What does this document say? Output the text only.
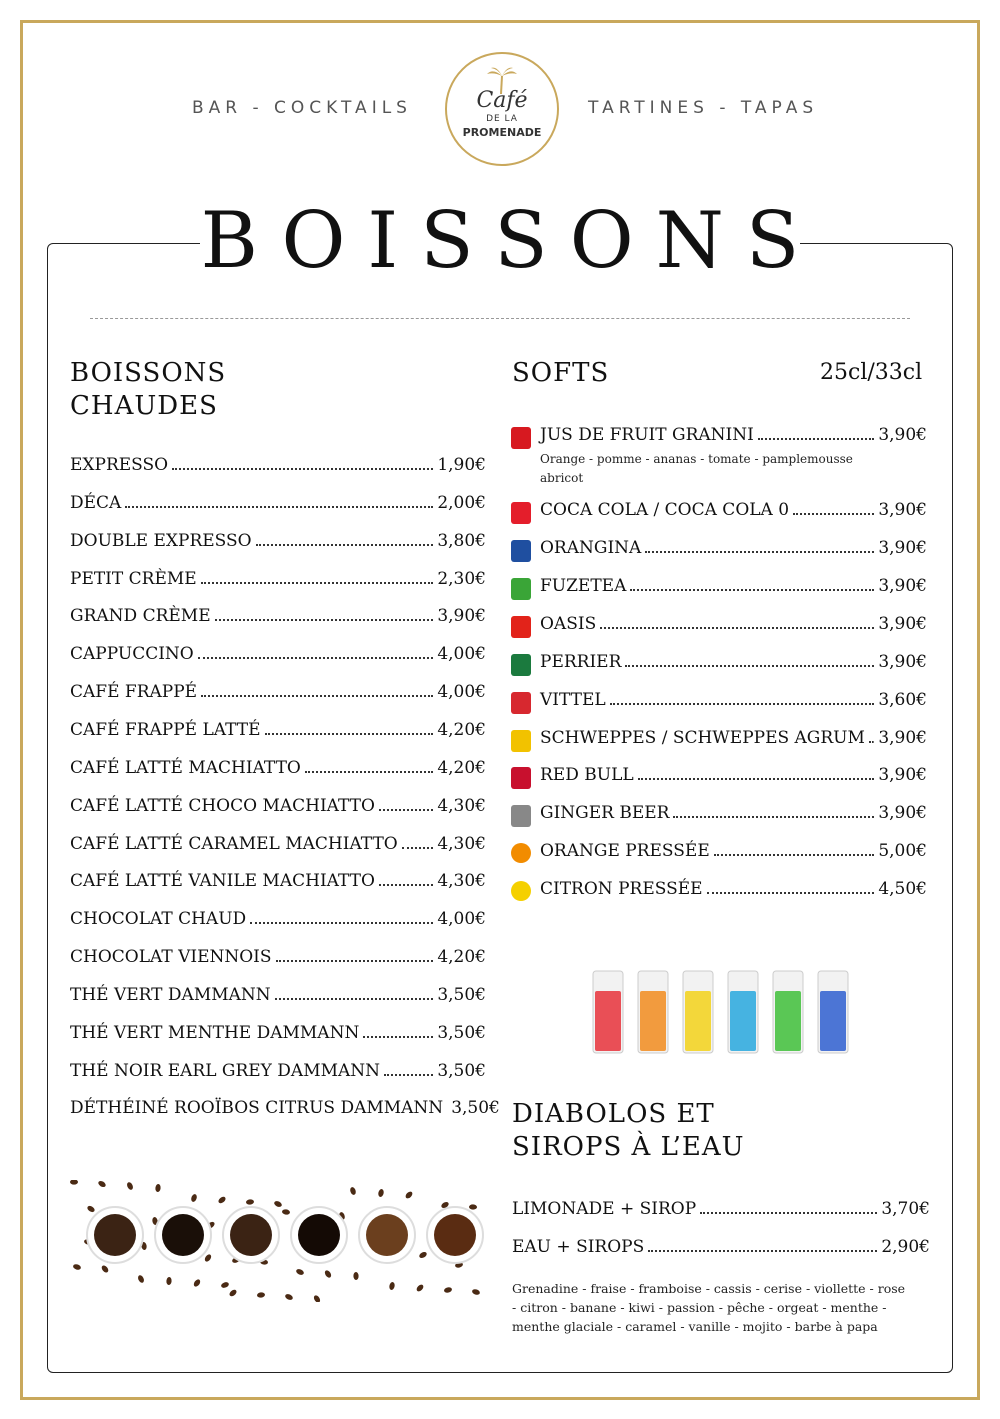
BAR - COCKTAILS	TARTINES - TAPAS
Café
DE LA
PROMENADE
BOISSONS
BOISSONS CHAUDES
EXPRESSO	1,90€
DÉCA	2,00€
DOUBLE EXPRESSO	3,80€
PETIT CRÈME	2,30€
GRAND CRÈME	3,90€
CAPPUCCINO	4,00€
CAFÉ FRAPPÉ	4,00€
CAFÉ FRAPPÉ LATTÉ	4,20€
CAFÉ LATTÉ MACHIATTO	4,20€
CAFÉ LATTÉ CHOCO MACHIATTO	4,30€
CAFÉ LATTÉ CARAMEL MACHIATTO 4,30€
CAFÉ LATTÉ VANILE MACHIATTO	4,30€
CHOCOLAT CHAUD	4,00€
CHOCOLAT VIENNOIS	4,20€
THÉ VERT DAMMANN	3,50€
THÉ VERT MENTHE DAMMANN	3,50€
THÉ NOIR EARL GREY DAMMANN	3,50€
DÉTHÉINÉ ROOÏBOS CITRUS DAMMANN 3,50€
SOFTS	25cl/33cl
JUS DE FRUIT GRANINI	3,90€
COCA COLA / COCA COLA 0	3,90€
ORANGINA	3,90€
FUZETEA	3,90€
OASIS	3,90€
PERRIER	3,90€
VITTEL	3,60€
SCHWEPPES / SCHWEPPES AGRUM 3,90€
RED BULL	3,90€
GINGER BEER	3,90€
ORANGE PRESSÉE	5,00€
CITRON PRESSÉE	4,50€
Orange - pomme - ananas - tomate - pamplemousse abricot
DIABOLOS ET SIROPS À L’EAU
LIMONADE + SIROP	3,70€
EAU + SIROPS	2,90€
Grenadine - fraise - framboise - cassis - cerise - viollette - rose - citron - banane - kiwi - passion - pêche - orgeat - menthe - menthe glaciale - caramel - vanille - mojito - barbe à papa
